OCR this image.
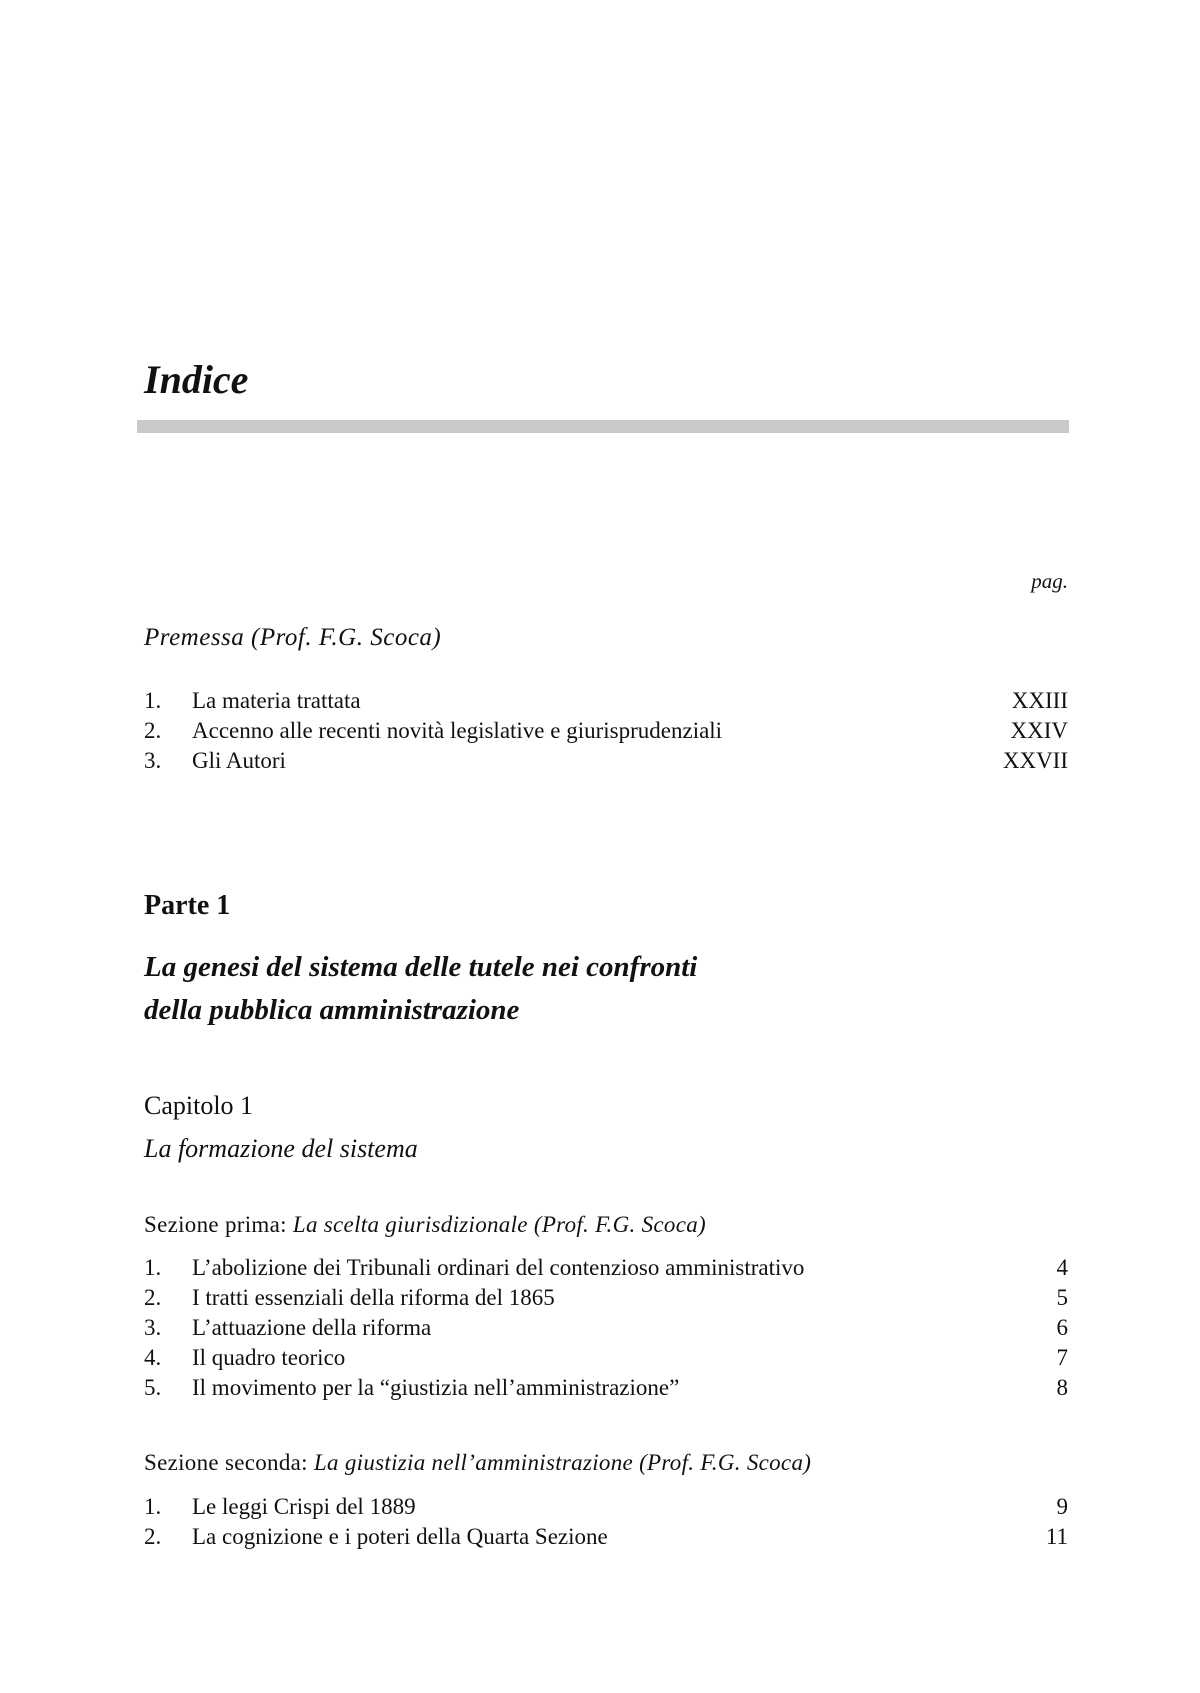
Indice
pag.
Premessa (Prof. F.G. Scoca)
1.	La materia trattata	XXIII
2.	Accenno alle recenti novità legislative e giurisprudenziali	XXIV
3.	Gli Autori	XXVII
Parte 1
La genesi del sistema delle tutele nei confronti
della pubblica amministrazione
Capitolo 1
La formazione del sistema
Sezione prima: La scelta giurisdizionale (Prof. F.G. Scoca)
1.	L’abolizione dei Tribunali ordinari del contenzioso amministrativo	4
2.	I tratti essenziali della riforma del 1865	5
3.	L’attuazione della riforma	6
4.	Il quadro teorico	7
5.	Il movimento per la “giustizia nell’amministrazione”	8
Sezione seconda: La giustizia nell’amministrazione (Prof. F.G. Scoca)
1.	Le leggi Crispi del 1889	9
2.	La cognizione e i poteri della Quarta Sezione	11
